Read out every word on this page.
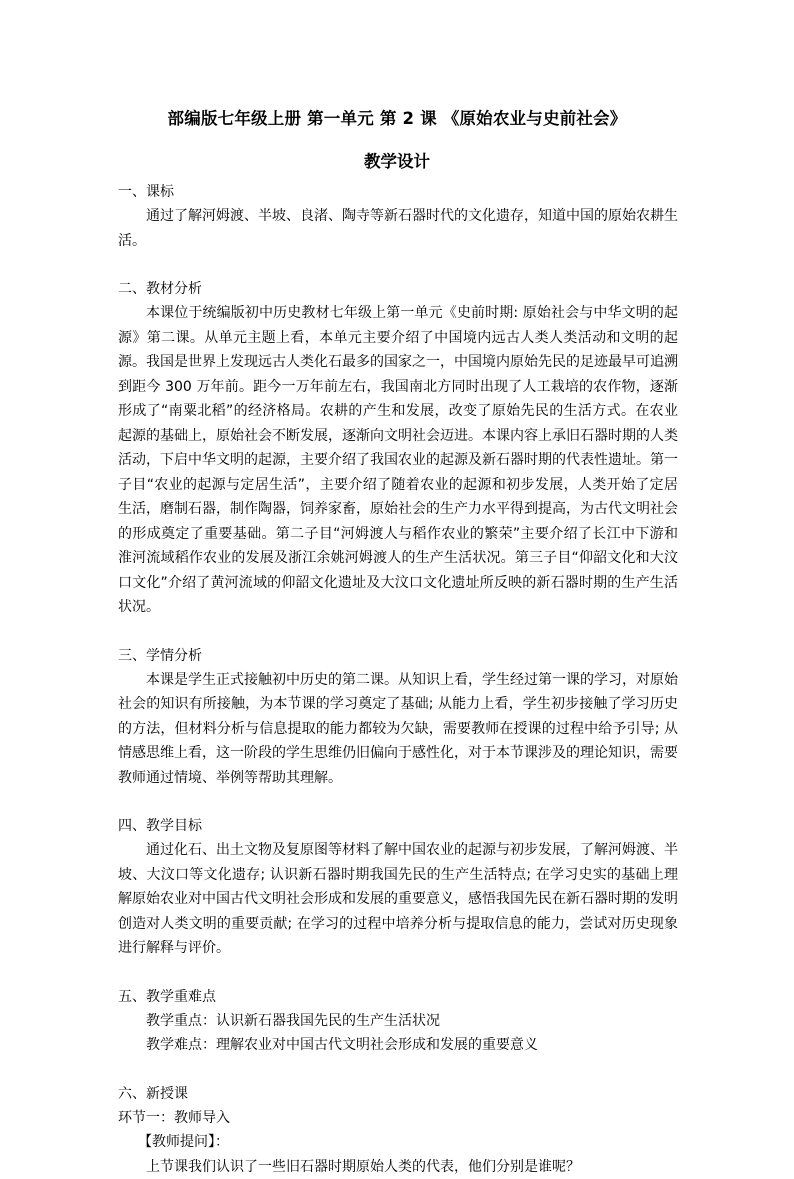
部编版七年级上册 第一单元 第 2 课 《原始农业与史前社会》
教学设计
一、课标

通过了解河姆渡、半坡、良渚、陶寺等新石器时代的文化遗存，知道中国的原始农耕生活。

二、教材分析

本课位于统编版初中历史教材七年级上第一单元《史前时期: 原始社会与中华文明的起源》第二课。从单元主题上看，本单元主要介绍了中国境内远古人类人类活动和文明的起源。我国是世界上发现远古人类化石最多的国家之一，中国境内原始先民的足迹最早可追溯到距今 300 万年前。距今一万年前左右，我国南北方同时出现了人工栽培的农作物，逐渐形成了“南粟北稻”的经济格局。农耕的产生和发展，改变了原始先民的生活方式。在农业起源的基础上，原始社会不断发展，逐渐向文明社会迈进。本课内容上承旧石器时期的人类活动，下启中华文明的起源，主要介绍了我国农业的起源及新石器时期的代表性遗址。第一子目“农业的起源与定居生活”，主要介绍了随着农业的起源和初步发展，人类开始了定居生活，磨制石器，制作陶器，饲养家畜，原始社会的生产力水平得到提高，为古代文明社会的形成奠定了重要基础。第二子目“河姆渡人与稻作农业的繁荣”主要介绍了长江中下游和淮河流域稻作农业的发展及浙江余姚河姆渡人的生产生活状况。第三子目“仰韶文化和大汶口文化”介绍了黄河流域的仰韶文化遗址及大汶口文化遗址所反映的新石器时期的生产生活状况。

三、学情分析

本课是学生正式接触初中历史的第二课。从知识上看，学生经过第一课的学习，对原始社会的知识有所接触，为本节课的学习奠定了基础; 从能力上看，学生初步接触了学习历史的方法，但材料分析与信息提取的能力都较为欠缺，需要教师在授课的过程中给予引导; 从情感思维上看，这一阶段的学生思维仍旧偏向于感性化，对于本节课涉及的理论知识，需要教师通过情境、举例等帮助其理解。

四、教学目标

通过化石、出土文物及复原图等材料了解中国农业的起源与初步发展，了解河姆渡、半坡、大汶口等文化遗存; 认识新石器时期我国先民的生产生活特点; 在学习史实的基础上理解原始农业对中国古代文明社会形成和发展的重要意义，感悟我国先民在新石器时期的发明创造对人类文明的重要贡献; 在学习的过程中培养分析与提取信息的能力，尝试对历史现象进行解释与评价。

五、教学重难点
教学重点：认识新石器我国先民的生产生活状况
教学难点：理解农业对中国古代文明社会形成和发展的重要意义
六、新授课
环节一：教师导入
【教师提问】：
上节课我们认识了一些旧石器时期原始人类的代表，他们分别是谁呢？
